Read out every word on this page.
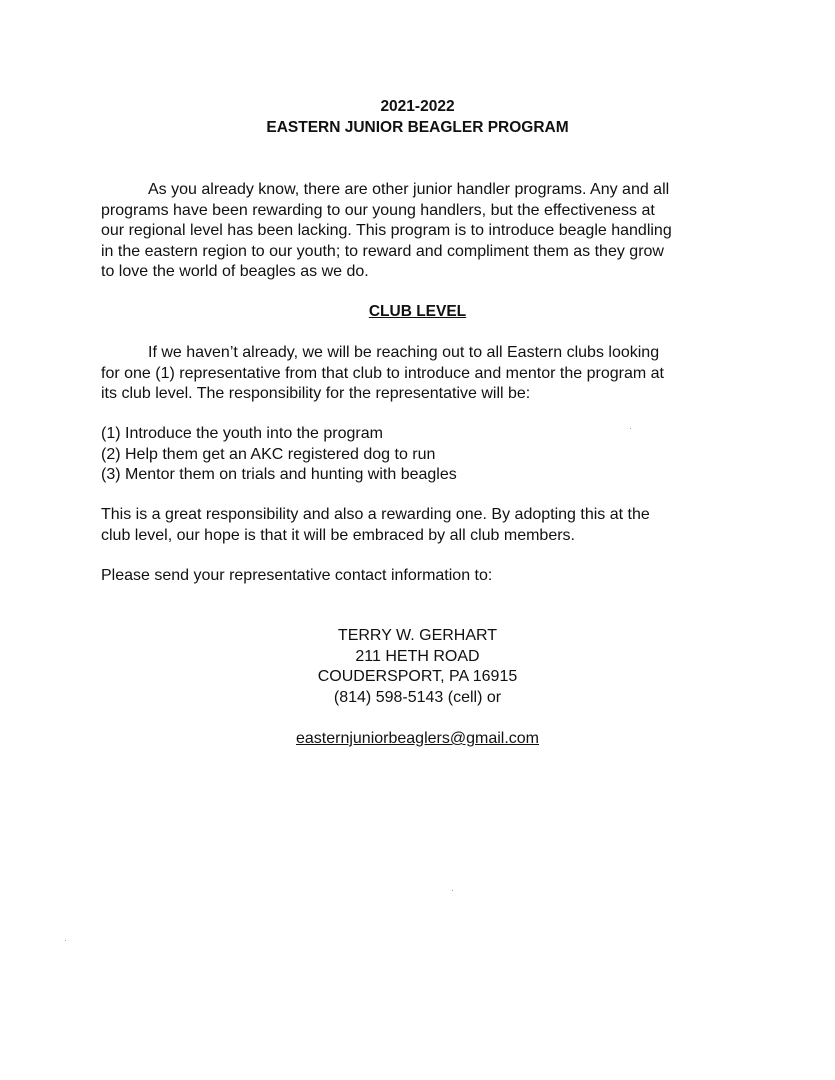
2021-2022
EASTERN JUNIOR BEAGLER PROGRAM

As you already know, there are other junior handler programs. Any and all
programs have been rewarding to our young handlers, but the effectiveness at
our regional level has been lacking. This program is to introduce beagle handling
in the eastern region to our youth; to reward and compliment them as they grow
to love the world of beagles as we do.

CLUB LEVEL

If we haven’t already, we will be reaching out to all Eastern clubs looking
for one (1) representative from that club to introduce and mentor the program at
its club level. The responsibility for the representative will be:

(1) Introduce the youth into the program
(2) Help them get an AKC registered dog to run
(3) Mentor them on trials and hunting with beagles

This is a great responsibility and also a rewarding one. By adopting this at the
club level, our hope is that it will be embraced by all club members.

Please send your representative contact information to:

TERRY W. GERHART
211 HETH ROAD
COUDERSPORT, PA 16915
(814) 598-5143 (cell) or
easternjuniorbeaglers@gmail.com
